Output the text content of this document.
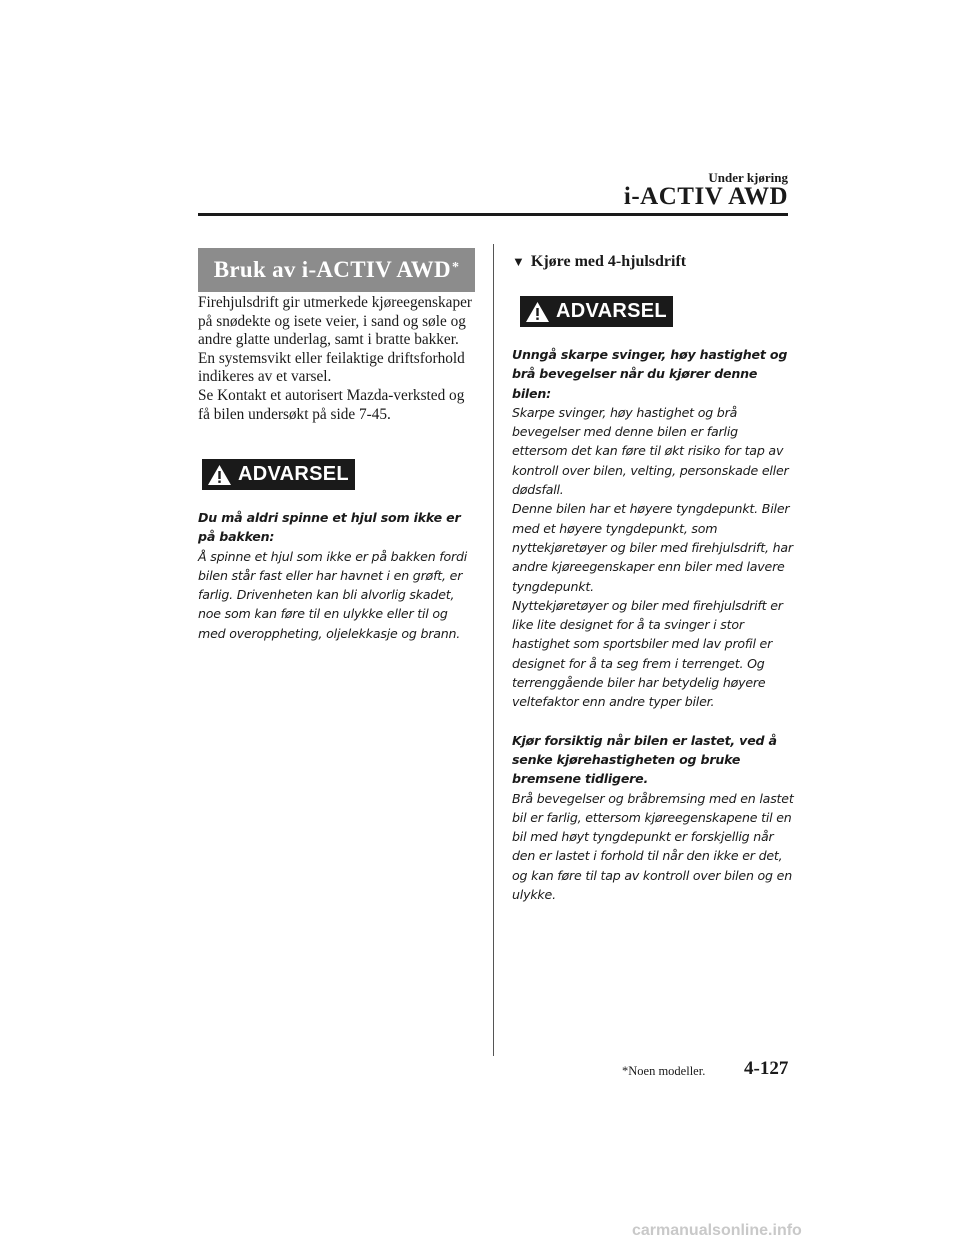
Under kjøring
i-ACTIV AWD
Bruk av i-ACTIV AWD*

Firehjulsdrift gir utmerkede kjøreegenskaper på snødekte og isete veier, i sand og søle og andre glatte underlag, samt i bratte bakker.

En systemsvikt eller feilaktige driftsforhold indikeres av et varsel.

Se Kontakt et autorisert Mazda-verksted og få bilen undersøkt på side 7-45.

ADVARSEL

Du må aldri spinne et hjul som ikke er på bakken:

Å spinne et hjul som ikke er på bakken fordi bilen står fast eller har havnet i en grøft, er farlig. Drivenheten kan bli alvorlig skadet, noe som kan føre til en ulykke eller til og med overoppheting, oljelekkasje og brann.

▼ Kjøre med 4-hjulsdrift
ADVARSEL

Unngå skarpe svinger, høy hastighet og brå bevegelser når du kjører denne bilen:

Skarpe svinger, høy hastighet og brå bevegelser med denne bilen er farlig ettersom det kan føre til økt risiko for tap av kontroll over bilen, velting, personskade eller dødsfall.

Denne bilen har et høyere tyngdepunkt. Biler med et høyere tyngdepunkt, som nyttekjøretøyer og biler med firehjulsdrift, har andre kjøreegenskaper enn biler med lavere tyngdepunkt.

Nyttekjøretøyer og biler med firehjulsdrift er like lite designet for å ta svinger i stor hastighet som sportsbiler med lav profil er designet for å ta seg frem i terrenget. Og terrenggående biler har betydelig høyere veltefaktor enn andre typer biler.

Kjør forsiktig når bilen er lastet, ved å senke kjørehastigheten og bruke bremsene tidligere.

Brå bevegelser og bråbremsing med en lastet bil er farlig, ettersom kjøreegenskapene til en bil med høyt tyngdepunkt er forskjellig når den er lastet i forhold til når den ikke er det, og kan føre til tap av kontroll over bilen og en ulykke.

*Noen modeller. 4-127
carmanualsonline.info
